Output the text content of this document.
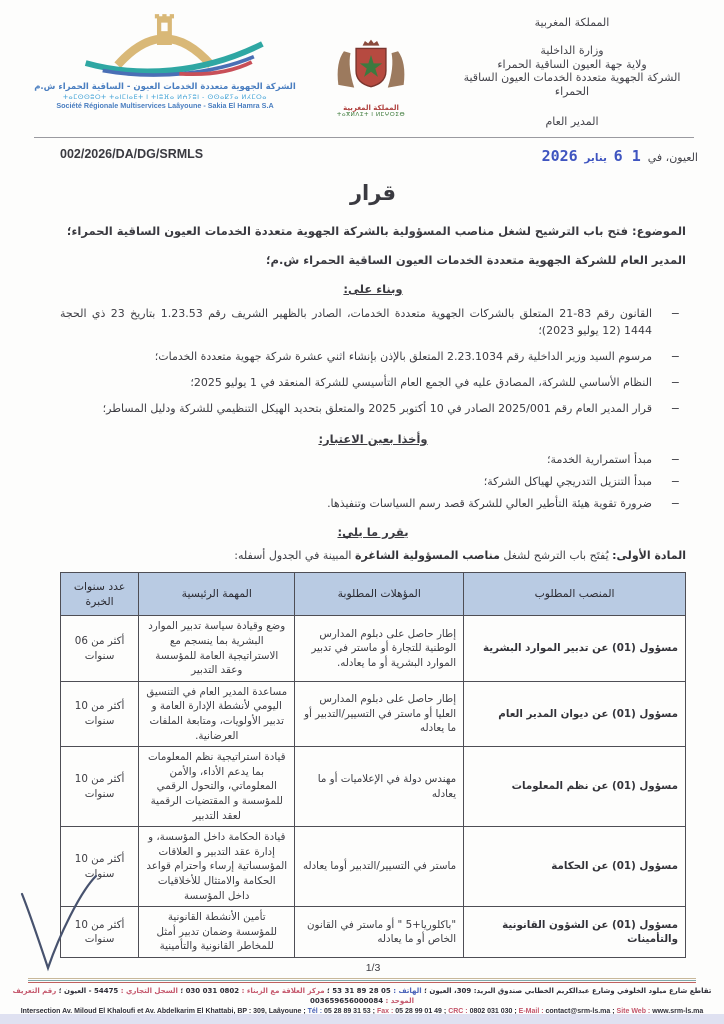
الشركة الجهوية متعددة الخدمات العيون - الساقية الحمراء ش.م
ⵜⴰⵎⵙⵙⵓⵔⵜ ⵜⴰⵏⵎⵏⴰⴹⵜ ⵏ ⵜⵏⵓⴼⴰ ⵍⵄⵢⵓⵏ - ⵙⵙⴰⵇⵢⴰ ⵍⵃⵎⵔⴰ
Société Régionale Multiservices Laâyoune - Sakia El Hamra S.A	المملكة المغربية
ⵜⴰⴳⵍⴷⵉⵜ ⵏ ⵍⵎⵖⵔⵉⴱ
المملكة المغربية
وزارة الداخلية
ولاية جهة العيون الساقية الحمراء
الشركة الجهوية متعددة الخدمات العيون الساقية الحمراء
المدير العام
002/2026/DA/DG/SRMLS	العيون، في  1 6 يناير 2026
قرار
الموضوع: فتح باب الترشيح لشغل مناصب المسؤولية بالشركة الجهوية متعددة الخدمات العيون الساقية الحمراء؛
المدير العام للشركة الجهوية متعددة الخدمات العيون الساقية الحمراء ش.م؛
وبناء على:
−
القانون رقم 83-21 المتعلق بالشركات الجهوية متعددة الخدمات، الصادر بالظهير الشريف رقم 1.23.53 بتاريخ 23 ذي الحجة 1444 (12 يوليو 2023)؛
−
مرسوم السيد وزير الداخلية رقم 2.23.1034 المتعلق بالإذن بإنشاء اثني عشرة شركة جهوية متعددة الخدمات؛
−
النظام الأساسي للشركة، المصادق عليه في الجمع العام التأسيسي للشركة المنعقد في 1 يوليو 2025؛
−
قرار المدير العام رقم 2025/001 الصادر في 10 أكتوبر 2025 والمتعلق بتحديد الهيكل التنظيمي للشركة ودليل المساطر؛
وأخذا بعين الاعتبار:
−
مبدأ استمرارية الخدمة؛
−
مبدأ التنزيل التدريجي لهياكل الشركة؛
−
ضرورة تقوية هيئة التأطير العالي للشركة قصد رسم السياسات وتنفيذها.
يقرر ما يلي:
المادة الأولى: يُفتَح باب الترشح لشغل مناصب المسؤولية الشاغرة المبينة في الجدول أسفله:
المنصب المطلوب	المؤهلات المطلوبة	المهمة الرئيسية	عدد سنوات الخبرة
مسؤول (01) عن تدبير الموارد البشرية	إطار حاصل على دبلوم المدارس الوطنية للتجارة أو ماستر في تدبير الموارد البشرية أو ما يعادله.	وضع وقيادة سياسة تدبير الموارد البشرية بما ينسجم مع الاستراتيجية العامة للمؤسسة وعقد التدبير	أكثر من 06 سنوات
مسؤول (01) عن ديوان المدير العام	إطار حاصل على دبلوم المدارس العليا أو ماستر في التسيير/التدبير أو ما يعادله	مساعدة المدير العام في التنسيق اليومي لأنشطة الإدارة العامة و تدبير الأولويات، ومتابعة الملفات العرضانية.	أكثر من 10 سنوات
مسؤول (01) عن نظم المعلومات	مهندس دولة في الإعلاميات أو ما يعادله	قيادة استراتيجية نظم المعلومات بما يدعم الأداء، والأمن المعلوماتي، والتحول الرقمي للمؤسسة و المقتضيات الرقمية لعقد التدبير	أكثر من 10 سنوات
مسؤول (01) عن الحكامة	ماستر في التسيير/التدبير أوما يعادله	قيادة الحكامة داخل المؤسسة، و إدارة عقد التدبير و العلاقات المؤسساتية إرساء واحترام قواعد الحكامة والامتثال للأخلاقيات داخل المؤسسة	أكثر من 10 سنوات
مسؤول (01) عن الشؤون القانونية والتأمينات	"باكلوريا+5 " أو ماستر في القانون الخاص أو ما يعادله	تأمين الأنشطة القانونية للمؤسسة وضمان تدبير أمثل للمخاطر القانونية والتأمينية	أكثر من 10 سنوات
1/3
تقاطع شارع ميلود الخلوفي وشارع عبدالكريم الخطابي صندوق البريد: 309، العيون ؛ الهاتف : 05 28 89 31 53 ؛ مركز العلاقة مع الزبناء : 0802 031 030 ؛ السجل التجاري : 54475 - العيون ؛ رقم التعريف الموحد : 003659656000084
Intersection Av. Miloud El Khaloufi et Av. Abdelkarim El Khattabi, BP : 309, Laâyoune ; Tél : 05 28 89 31 53 ; Fax : 05 28 99 01 49 ; CRC : 0802 031 030 ; E-Mail : contact@srm-ls.ma ; Site Web : www.srm-ls.ma
